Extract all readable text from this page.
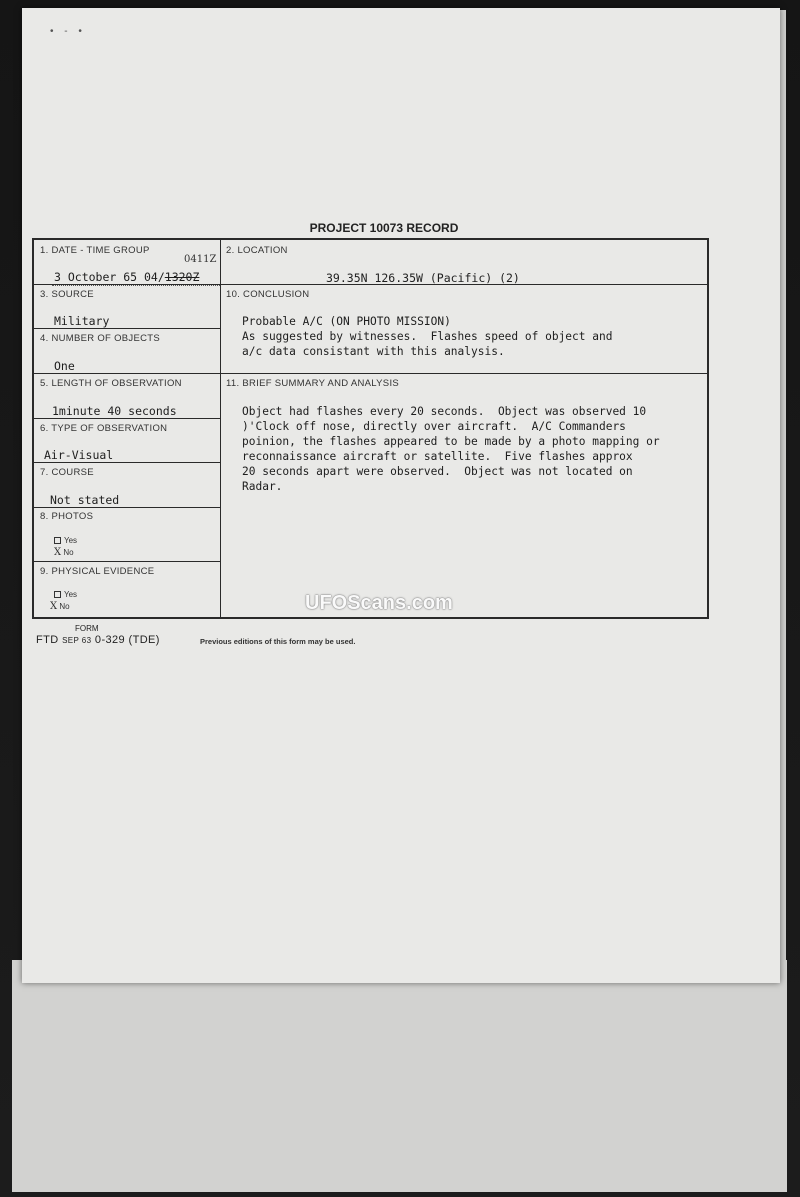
• - •
PROJECT 10073 RECORD
1. DATE - TIME GROUP
0411Z
3 October 65 04/1320Z
2. LOCATION
39.35N 126.35W (Pacific) (2)
3. SOURCE
Military
4. NUMBER OF OBJECTS
One
5. LENGTH OF OBSERVATION
1minute 40 seconds
6. TYPE OF OBSERVATION
Air-Visual
7. COURSE
Not stated
8. PHOTOS
Yes
X No
9. PHYSICAL EVIDENCE
Yes
X No
10. CONCLUSION
Probable A/C (ON PHOTO MISSION)
As suggested by witnesses.  Flashes speed of object and
a/c data consistant with this analysis.
11. BRIEF SUMMARY AND ANALYSIS
Object had flashes every 20 seconds.  Object was observed 10
)'Clock off nose, directly over aircraft.  A/C Commanders
poinion, the flashes appeared to be made by a photo mapping or
reconnaissance aircraft or satellite.  Five flashes approx
20 seconds apart were observed.  Object was not located on
Radar.
UFOScans.com
FORM
FTD SEP 63 0-329 (TDE)	Previous editions of this form may be used.
